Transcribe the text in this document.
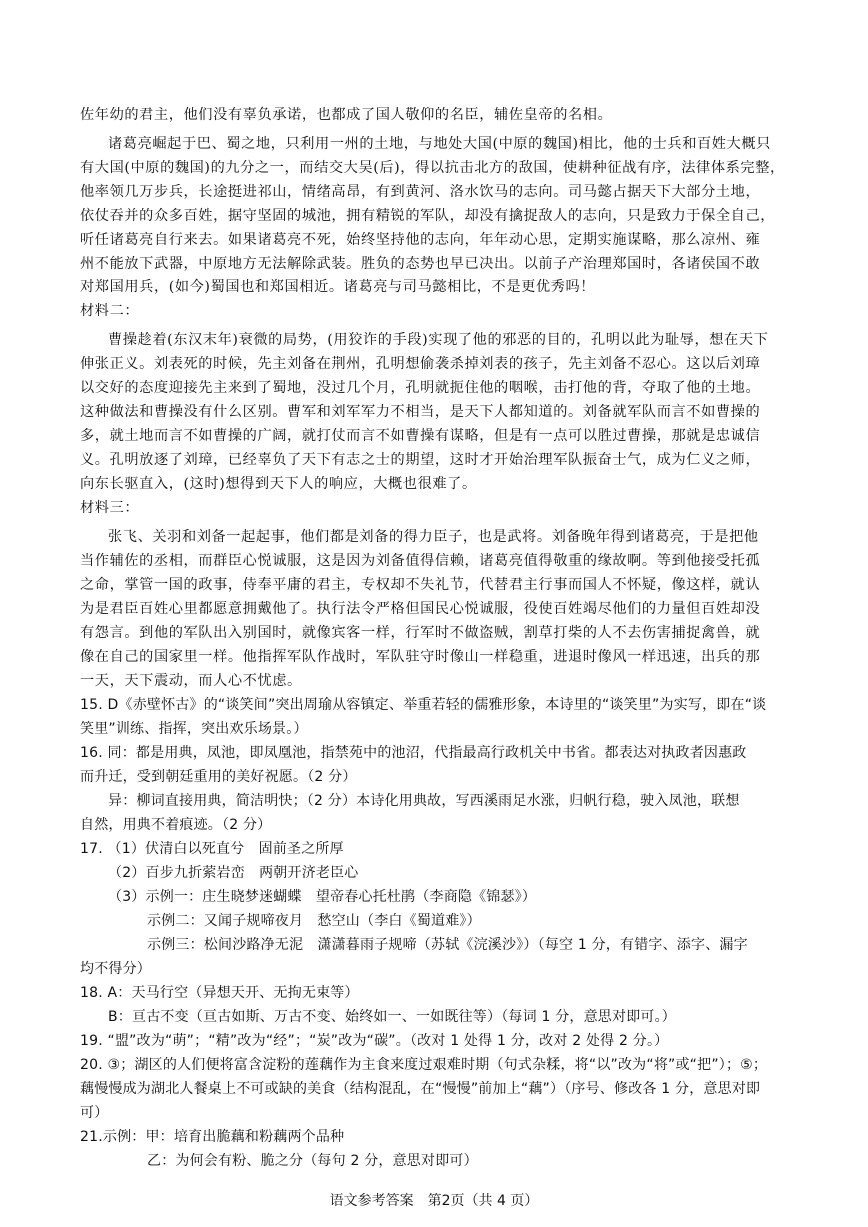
佐年幼的君主，他们没有辜负承诺，也都成了国人敬仰的名臣，辅佐皇帝的名相。
诸葛亮崛起于巴、蜀之地，只利用一州的土地，与地处大国(中原的魏国)相比，他的士兵和百姓大概只
有大国(中原的魏国)的九分之一，而结交大吴(后)，得以抗击北方的敌国，使耕种征战有序，法律体系完整，
他率领几万步兵，长途挺进祁山，情绪高昂，有到黄河、洛水饮马的志向。司马懿占据天下大部分土地，
依仗吞并的众多百姓，据守坚固的城池，拥有精锐的军队，却没有擒捉敌人的志向，只是致力于保全自己，
听任诸葛亮自行来去。如果诸葛亮不死，始终坚持他的志向，年年动心思，定期实施谋略，那么凉州、雍
州不能放下武器，中原地方无法解除武装。胜负的态势也早已决出。以前子产治理郑国时，各诸侯国不敢
对郑国用兵，(如今)蜀国也和郑国相近。诸葛亮与司马懿相比，不是更优秀吗！
材料二：
曹操趁着(东汉末年)衰微的局势，(用狡诈的手段)实现了他的邪恶的目的，孔明以此为耻辱，想在天下
伸张正义。刘表死的时候，先主刘备在荆州，孔明想偷袭杀掉刘表的孩子，先主刘备不忍心。这以后刘璋
以交好的态度迎接先主来到了蜀地，没过几个月，孔明就扼住他的咽喉，击打他的背，夺取了他的土地。
这种做法和曹操没有什么区别。曹军和刘军军力不相当，是天下人都知道的。刘备就军队而言不如曹操的
多，就土地而言不如曹操的广阔，就打仗而言不如曹操有谋略，但是有一点可以胜过曹操，那就是忠诚信
义。孔明放逐了刘璋，已经辜负了天下有志之士的期望，这时才开始治理军队振奋士气，成为仁义之师，
向东长驱直入，(这时)想得到天下人的响应，大概也很难了。
材料三：
张飞、关羽和刘备一起起事，他们都是刘备的得力臣子，也是武将。刘备晚年得到诸葛亮，于是把他
当作辅佐的丞相，而群臣心悦诚服，这是因为刘备值得信赖，诸葛亮值得敬重的缘故啊。等到他接受托孤
之命，掌管一国的政事，侍奉平庸的君主，专权却不失礼节，代替君主行事而国人不怀疑，像这样，就认
为是君臣百姓心里都愿意拥戴他了。执行法令严格但国民心悦诚服，役使百姓竭尽他们的力量但百姓却没
有怨言。到他的军队出入别国时，就像宾客一样，行军时不做盗贼，割草打柴的人不去伤害捕捉禽兽，就
像在自己的国家里一样。他指挥军队作战时，军队驻守时像山一样稳重，进退时像风一样迅速，出兵的那
一天，天下震动，而人心不忧虑。
15. D《赤壁怀古》的“谈笑间”突出周瑜从容镇定、举重若轻的儒雅形象，本诗里的“谈笑里”为实写，即在“谈
笑里”训练、指挥，突出欢乐场景。）
16. 同：都是用典，凤池，即凤凰池，指禁苑中的池沼，代指最高行政机关中书省。都表达对执政者因惠政
而升迁，受到朝廷重用的美好祝愿。（2 分）
异：柳词直接用典，简洁明快；（2 分）本诗化用典故，写西溪雨足水涨，归帆行稳，驶入凤池，联想
自然，用典不着痕迹。（2 分）
17. （1）伏清白以死直兮　固前圣之所厚
（2）百步九折萦岩峦　两朝开济老臣心
（3）示例一：庄生晓梦迷蝴蝶　望帝春心托杜鹃（李商隐《锦瑟》）
示例二：又闻子规啼夜月　愁空山（李白《蜀道难》）
示例三：松间沙路净无泥　潇潇暮雨子规啼（苏轼《浣溪沙》）（每空 1 分，有错字、添字、漏字
均不得分）
18. A：天马行空（异想天开、无拘无束等）
B：亘古不变（亘古如斯、万古不变、始终如一、一如既往等）（每词 1 分，意思对即可。）
19. “盟”改为“萌”；“精”改为“经”；“炭”改为“碳”。（改对 1 处得 1 分，改对 2 处得 2 分。）
20. ③；湖区的人们便将富含淀粉的莲藕作为主食来度过艰难时期（句式杂糅，将“以”改为“将”或“把”）；⑤；
藕慢慢成为湖北人餐桌上不可或缺的美食（结构混乱，在“慢慢”前加上“藕”）（序号、修改各 1 分，意思对即
可）
21.示例：甲：培育出脆藕和粉藕两个品种
乙：为何会有粉、脆之分（每句 2 分，意思对即可）
语文参考答案　第2页（共 4 页）
